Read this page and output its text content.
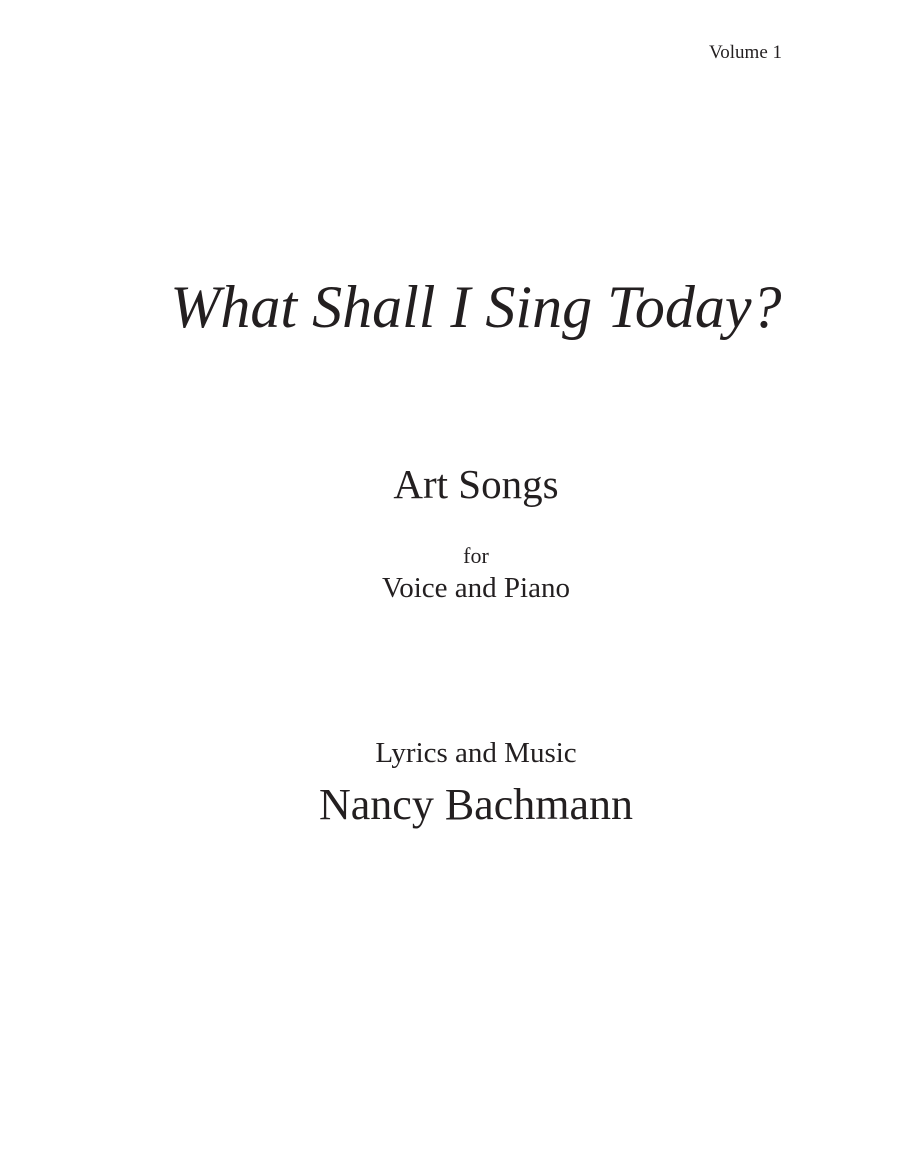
Volume 1
What Shall I Sing Today?
Art Songs
for
Voice and Piano
Lyrics and Music
Nancy Bachmann
